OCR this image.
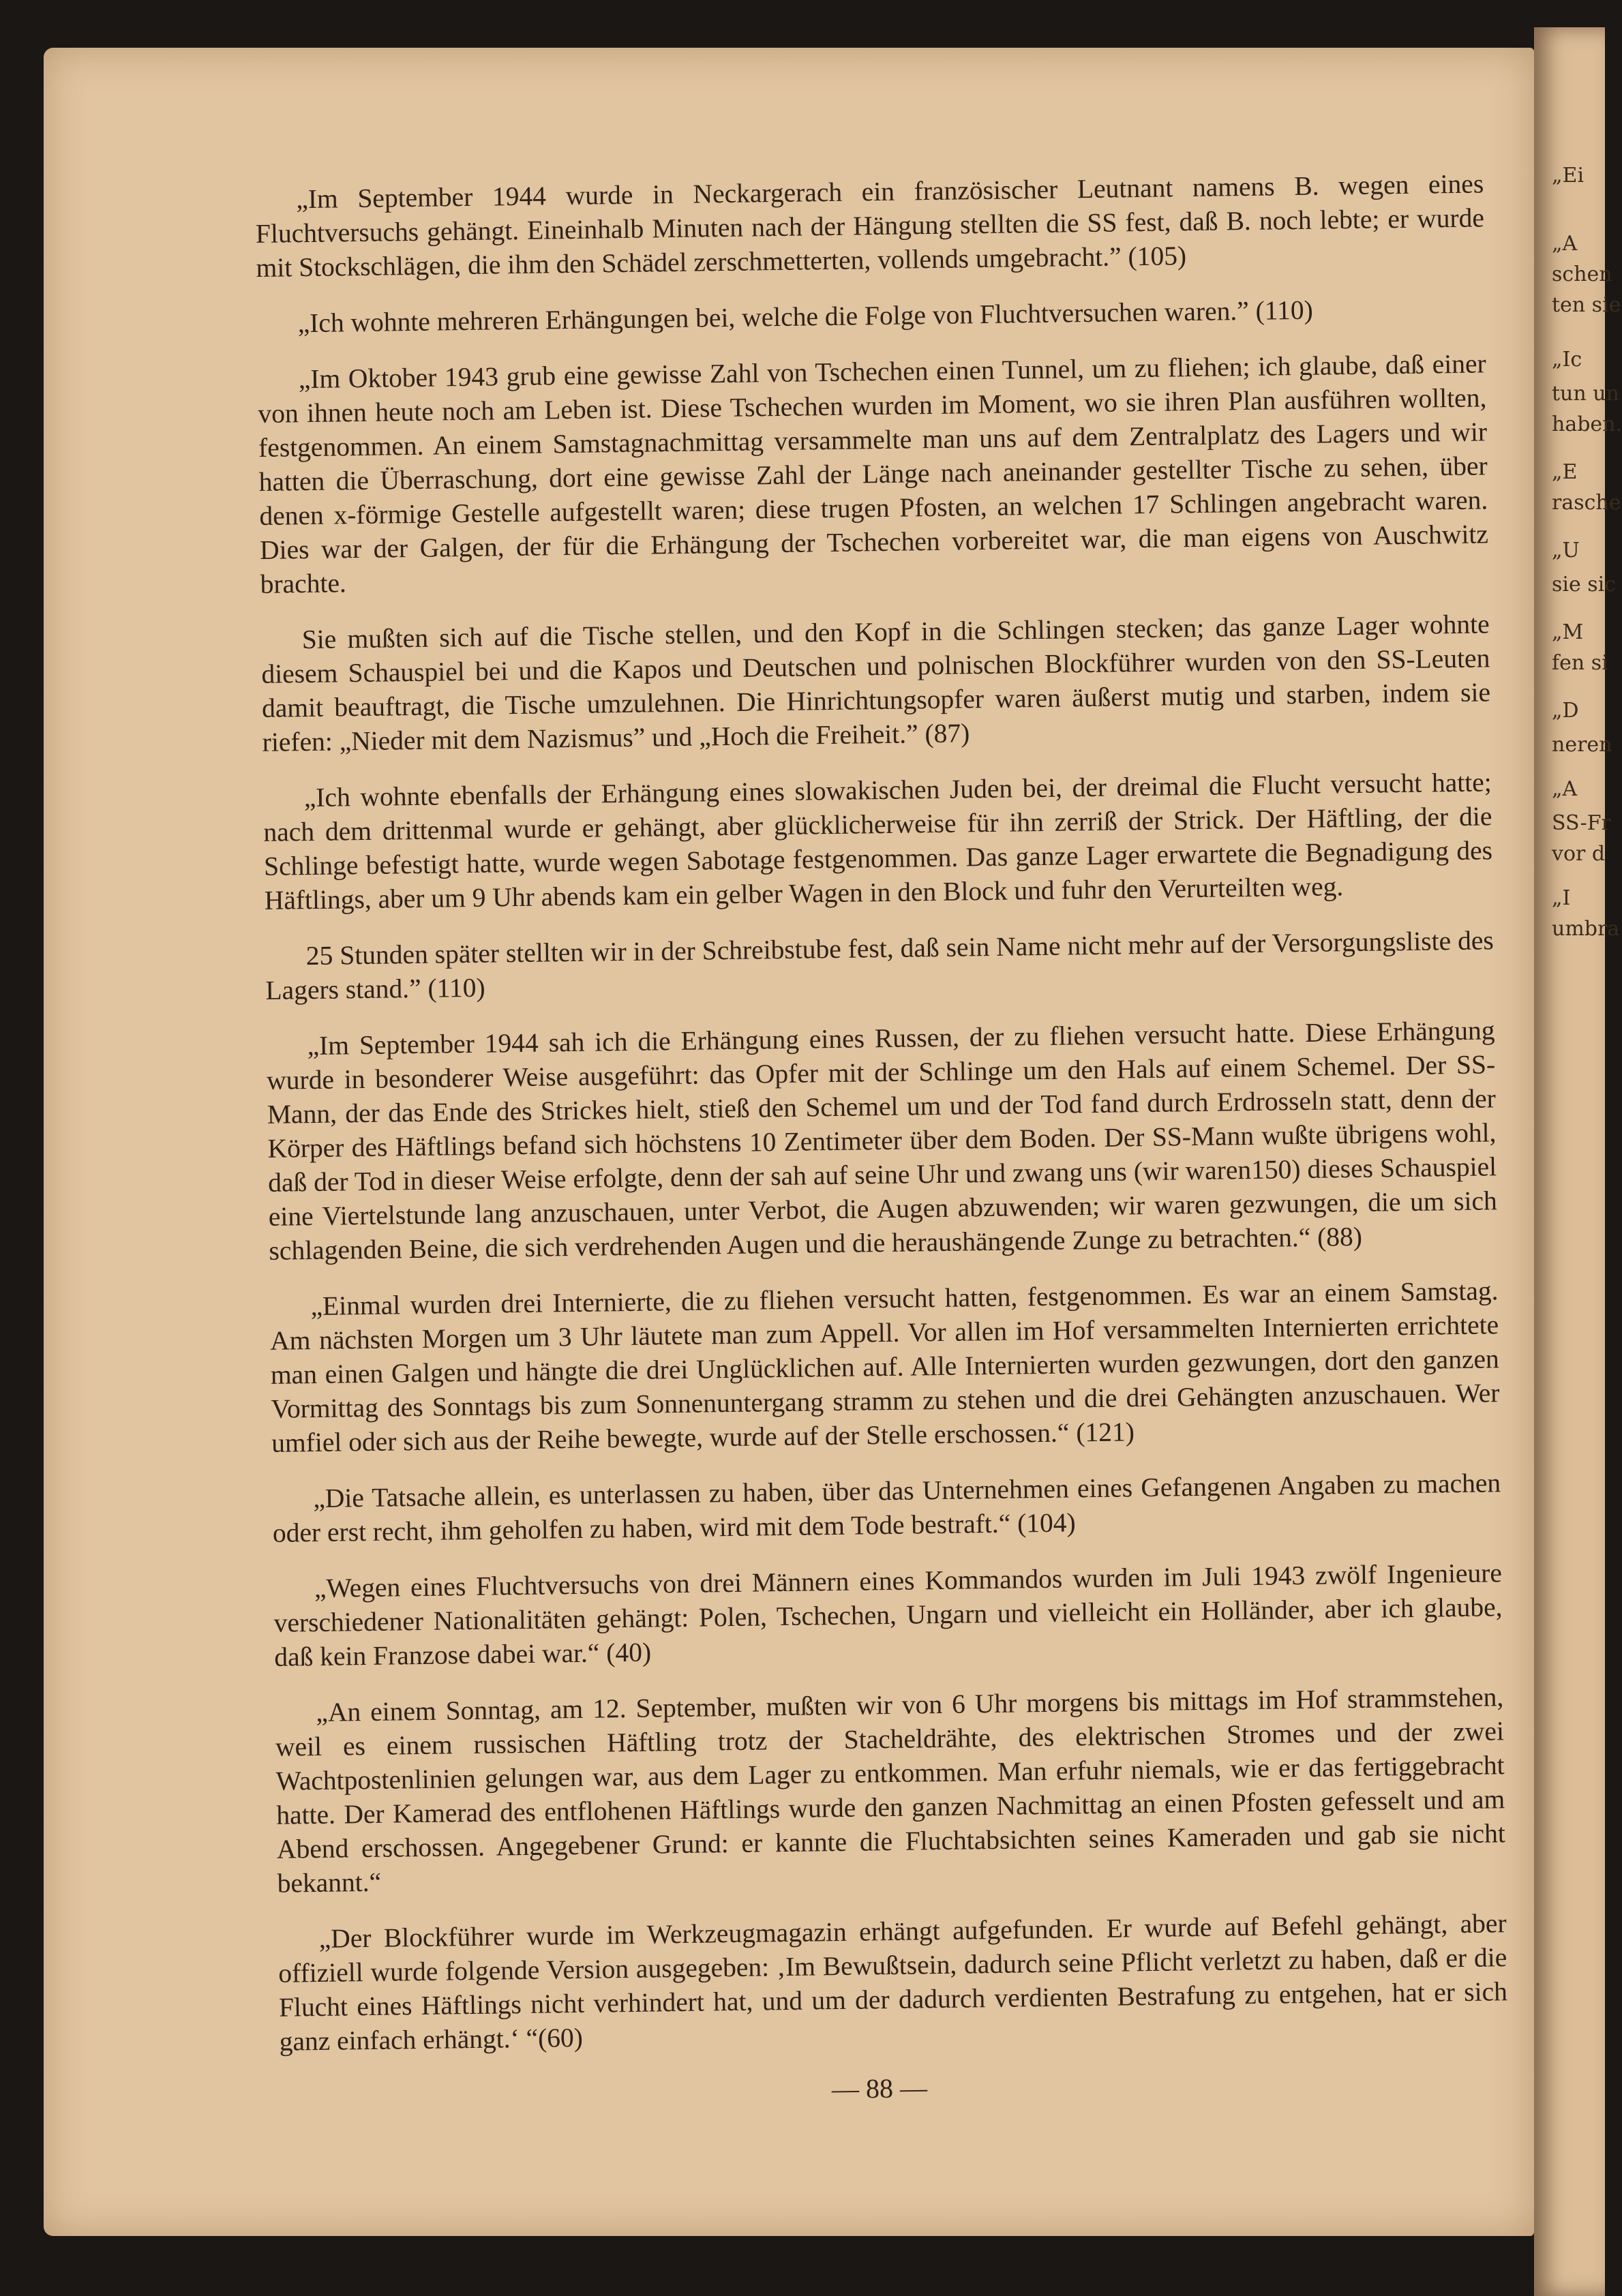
„Ei
„A
schen
ten sie
„Ic
tun un
haben.
„E
rasche
„U
sie sic
„M
fen si
„D
neren
„A
SS-Fr
vor d
„I
umbra

„Im September 1944 wurde in Neckargerach ein französischer Leutnant namens B. wegen eines Fluchtversuchs gehängt. Eineinhalb Minuten nach der Hängung stellten die SS fest, daß B. noch lebte; er wurde mit Stockschlägen, die ihm den Schädel zerschmetterten, vollends umgebracht.” (105)

„Ich wohnte mehreren Erhängungen bei, welche die Folge von Fluchtversuchen waren.” (110)

„Im Oktober 1943 grub eine gewisse Zahl von Tschechen einen Tunnel, um zu fliehen; ich glaube, daß einer von ihnen heute noch am Leben ist. Diese Tschechen wurden im Moment, wo sie ihren Plan ausführen wollten, festgenommen. An einem Samstagnachmittag versammelte man uns auf dem Zentralplatz des Lagers und wir hatten die Überraschung, dort eine gewisse Zahl der Länge nach aneinander gestellter Tische zu sehen, über denen x-förmige Gestelle aufgestellt waren; diese trugen Pfosten, an welchen 17 Schlingen angebracht waren. Dies war der Galgen, der für die Erhängung der Tschechen vorbereitet war, die man eigens von Auschwitz brachte.

Sie mußten sich auf die Tische stellen, und den Kopf in die Schlingen stecken; das ganze Lager wohnte diesem Schauspiel bei und die Kapos und Deutschen und polnischen Blockführer wurden von den SS-Leuten damit beauftragt, die Tische umzulehnen. Die Hinrichtungsopfer waren äußerst mutig und starben, indem sie riefen: „Nieder mit dem Nazismus” und „Hoch die Freiheit.” (87)

„Ich wohnte ebenfalls der Erhängung eines slowakischen Juden bei, der dreimal die Flucht versucht hatte; nach dem drittenmal wurde er gehängt, aber glücklicherweise für ihn zerriß der Strick. Der Häftling, der die Schlinge befestigt hatte, wurde wegen Sabotage festgenommen. Das ganze Lager erwartete die Begnadigung des Häftlings, aber um 9 Uhr abends kam ein gelber Wagen in den Block und fuhr den Verurteilten weg.

25 Stunden später stellten wir in der Schreibstube fest, daß sein Name nicht mehr auf der Versorgungsliste des Lagers stand.” (110)

„Im September 1944 sah ich die Erhängung eines Russen, der zu fliehen versucht hatte. Diese Erhängung wurde in besonderer Weise ausgeführt: das Opfer mit der Schlinge um den Hals auf einem Schemel. Der SS-Mann, der das Ende des Strickes hielt, stieß den Schemel um und der Tod fand durch Erdrosseln statt, denn der Körper des Häftlings befand sich höchstens 10 Zentimeter über dem Boden. Der SS-Mann wußte übrigens wohl, daß der Tod in dieser Weise erfolgte, denn der sah auf seine Uhr und zwang uns (wir waren150) dieses Schauspiel eine Viertelstunde lang anzuschauen, unter Verbot, die Augen abzuwenden; wir waren gezwungen, die um sich schlagenden Beine, die sich verdrehenden Augen und die heraushängende Zunge zu betrachten.“ (88)

„Einmal wurden drei Internierte, die zu fliehen versucht hatten, festgenommen. Es war an einem Samstag. Am nächsten Morgen um 3 Uhr läutete man zum Appell. Vor allen im Hof versammelten Internierten errichtete man einen Galgen und hängte die drei Unglücklichen auf. Alle Internierten wurden gezwungen, dort den ganzen Vormittag des Sonntags bis zum Sonnenuntergang stramm zu stehen und die drei Gehängten anzuschauen. Wer umfiel oder sich aus der Reihe bewegte, wurde auf der Stelle erschossen.“ (121)

„Die Tatsache allein, es unterlassen zu haben, über das Unternehmen eines Gefangenen Angaben zu machen oder erst recht, ihm geholfen zu haben, wird mit dem Tode bestraft.“ (104)

„Wegen eines Fluchtversuchs von drei Männern eines Kommandos wurden im Juli 1943 zwölf Ingenieure verschiedener Nationalitäten gehängt: Polen, Tschechen, Ungarn und vielleicht ein Holländer, aber ich glaube, daß kein Franzose dabei war.“ (40)

„An einem Sonntag, am 12. September, mußten wir von 6 Uhr morgens bis mittags im Hof strammstehen, weil es einem russischen Häftling trotz der Stacheldrähte, des elektrischen Stromes und der zwei Wachtpostenlinien gelungen war, aus dem Lager zu entkommen. Man erfuhr niemals, wie er das fertiggebracht hatte. Der Kamerad des entflohenen Häftlings wurde den ganzen Nachmittag an einen Pfosten gefesselt und am Abend erschossen. Angegebener Grund: er kannte die Fluchtabsichten seines Kameraden und gab sie nicht bekannt.“

„Der Blockführer wurde im Werkzeugmagazin erhängt aufgefunden. Er wurde auf Befehl gehängt, aber offiziell wurde folgende Version ausgegeben: ‚Im Bewußtsein, dadurch seine Pflicht verletzt zu haben, daß er die Flucht eines Häftlings nicht verhindert hat, und um der dadurch verdienten Bestrafung zu entgehen, hat er sich ganz einfach erhängt.‘ “(60)

— 88 —
